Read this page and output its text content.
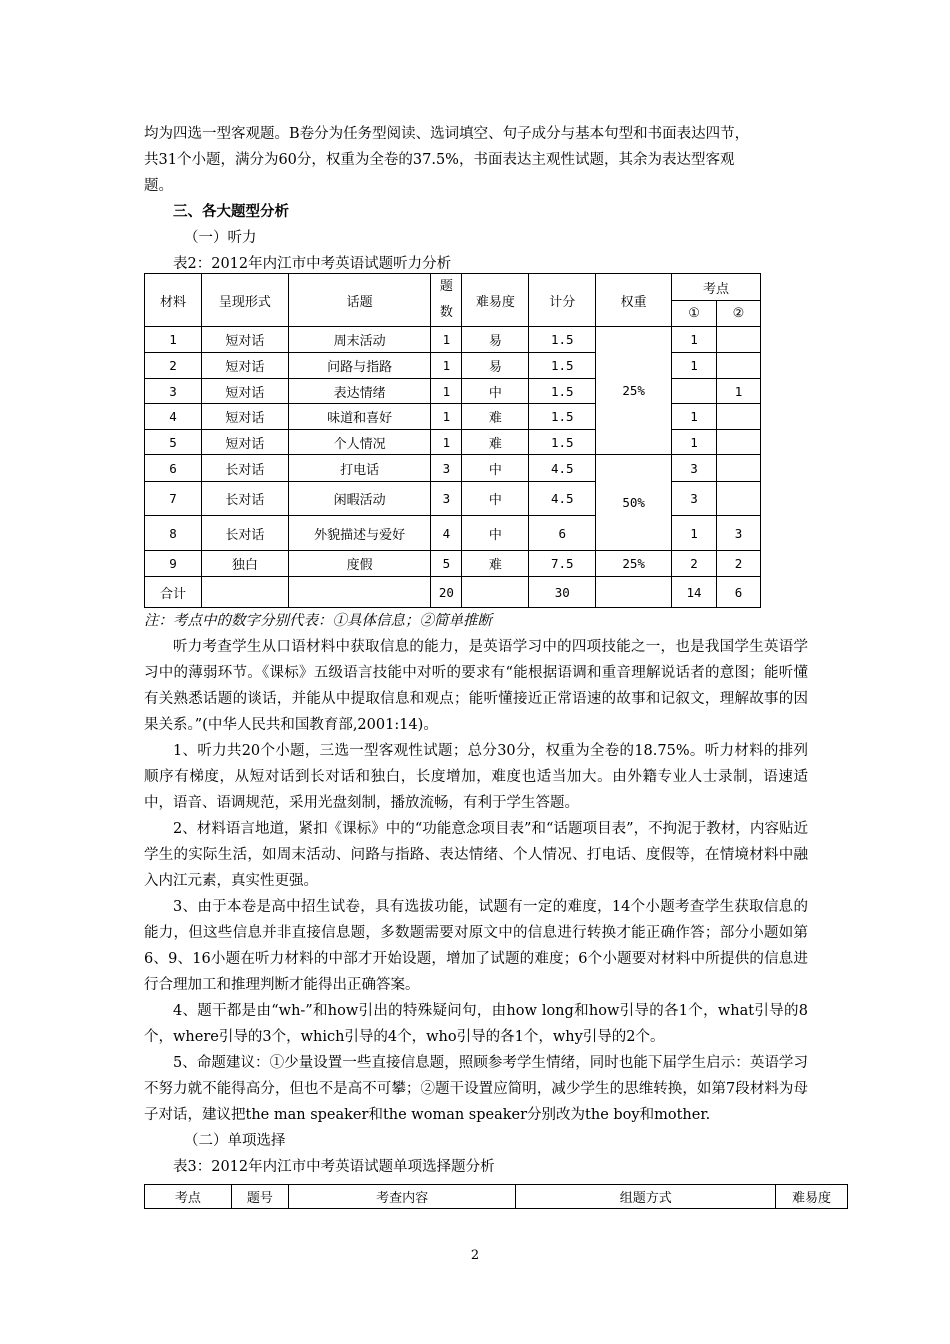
均为四选一型客观题。B卷分为任务型阅读、选词填空、句子成分与基本句型和书面表达四节，

共31个小题，满分为60分，权重为全卷的37.5%，书面表达主观性试题，其余为表达型客观

题。

三、各大题型分析

（一）听力

表2：2012年内江市中考英语试题听力分析

材料	呈现形式	话题	题数	难易度	计分	权重	考点	
							①	②
1	短对话	周末活动	1	易	1.5	25%	1	
2	短对话	问路与指路	1	易	1.5		1	
3	短对话	表达情绪	1	中	1.5			1
4	短对话	味道和喜好	1	难	1.5		1	
5	短对话	个人情况	1	难	1.5		1	
6	长对话	打电话	3	中	4.5	50%	3	
7	长对话	闲暇活动	3	中	4.5		3	
8	长对话	外貌描述与爱好	4	中	6		1	3
9	独白	度假	5	难	7.5	25%	2	2
合计			20		30		14	6
注：考点中的数字分别代表：①具体信息；②简单推断

听力考查学生从口语材料中获取信息的能力，是英语学习中的四项技能之一，也是我国学生英语学习中的薄弱环节。《课标》五级语言技能中对听的要求有“能根据语调和重音理解说话者的意图；能听懂有关熟悉话题的谈话，并能从中提取信息和观点；能听懂接近正常语速的故事和记叙文，理解故事的因果关系。”(中华人民共和国教育部,2001:14)。

1、听力共20个小题，三选一型客观性试题；总分30分，权重为全卷的18.75%。听力材料的排列顺序有梯度，从短对话到长对话和独白，长度增加，难度也适当加大。由外籍专业人士录制，语速适中，语音、语调规范，采用光盘刻制，播放流畅，有利于学生答题。

2、材料语言地道，紧扣《课标》中的“功能意念项目表”和“话题项目表”，不拘泥于教材，内容贴近学生的实际生活，如周末活动、问路与指路、表达情绪、个人情况、打电话、度假等，在情境材料中融入内江元素，真实性更强。

3、由于本卷是高中招生试卷，具有选拔功能，试题有一定的难度，14个小题考查学生获取信息的能力，但这些信息并非直接信息题，多数题需要对原文中的信息进行转换才能正确作答；部分小题如第6、9、16小题在听力材料的中部才开始设题，增加了试题的难度；6个小题要对材料中所提供的信息进行合理加工和推理判断才能得出正确答案。

4、题干都是由“wh-”和how引出的特殊疑问句，由how long和how引导的各1个，what引导的8个，where引导的3个，which引导的4个，who引导的各1个，why引导的2个。

5、命题建议：①少量设置一些直接信息题，照顾参考学生情绪，同时也能下届学生启示：英语学习不努力就不能得高分，但也不是高不可攀；②题干设置应简明，减少学生的思维转换，如第7段材料为母子对话，建议把the man speaker和the woman speaker分别改为the boy和mother.

（二）单项选择

表3：2012年内江市中考英语试题单项选择题分析

考点	题号	考查内容	组题方式	难易度
2
